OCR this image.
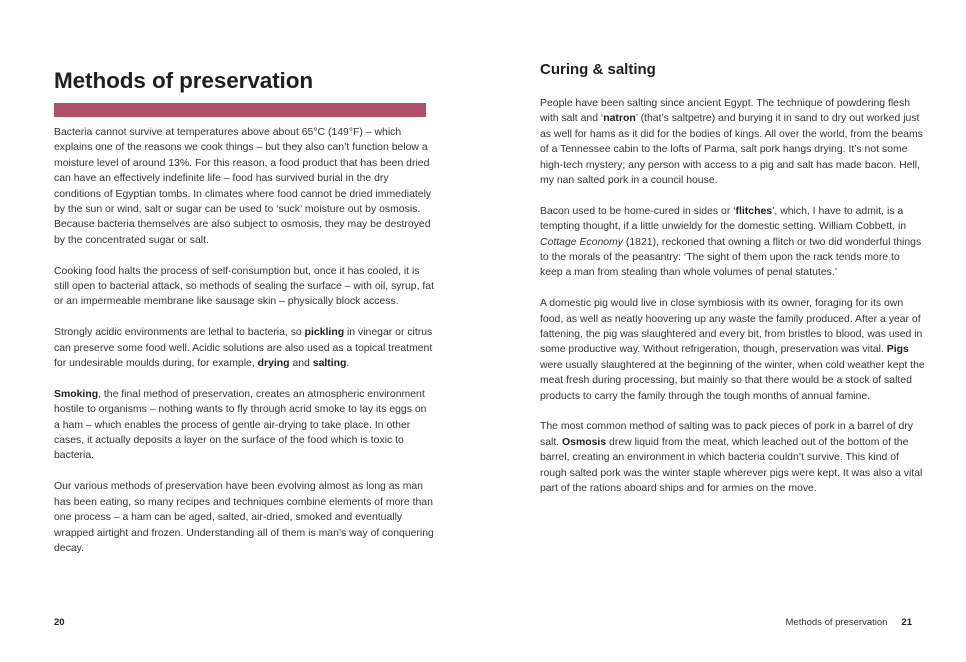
Methods of preservation

Bacteria cannot survive at temperatures above about 65°C (149°F) – which explains one of the reasons we cook things – but they also can’t function below a moisture level of around 13%. For this reason, a food product that has been dried can have an effectively indefinite life – food has survived burial in the dry conditions of Egyptian tombs. In climates where food cannot be dried immediately by the sun or wind, salt or sugar can be used to ‘suck’ moisture out by osmosis. Because bacteria themselves are also subject to osmosis, they may be destroyed by the concentrated sugar or salt.

Cooking food halts the process of self-consumption but, once it has cooled, it is still open to bacterial attack, so methods of sealing the surface – with oil, syrup, fat or an impermeable membrane like sausage skin – physically block access.

Strongly acidic environments are lethal to bacteria, so pickling in vinegar or citrus can preserve some food well. Acidic solutions are also used as a topical treatment for undesirable moulds during, for example, drying and salting.

Smoking, the final method of preservation, creates an atmospheric environment hostile to organisms – nothing wants to fly through acrid smoke to lay its eggs on a ham – which enables the process of gentle air-drying to take place. In other cases, it actually deposits a layer on the surface of the food which is toxic to bacteria.

Our various methods of preservation have been evolving almost as long as man has been eating, so many recipes and techniques combine elements of more than one process – a ham can be aged, salted, air-dried, smoked and eventually wrapped airtight and frozen. Understanding all of them is man’s way of conquering decay.

20
Curing & salting

People have been salting since ancient Egypt. The technique of powdering flesh with salt and ‘natron’ (that’s saltpetre) and burying it in sand to dry out worked just as well for hams as it did for the bodies of kings. All over the world, from the beams of a Tennessee cabin to the lofts of Parma, salt pork hangs drying. It’s not some high-tech mystery; any person with access to a pig and salt has made bacon. Hell, my nan salted pork in a council house.

Bacon used to be home-cured in sides or ‘flitches’, which, I have to admit, is a tempting thought, if a little unwieldy for the domestic setting. William Cobbett, in Cottage Economy (1821), reckoned that owning a flitch or two did wonderful things to the morals of the peasantry: ‘The sight of them upon the rack tends more to keep a man from stealing than whole volumes of penal statutes.’

A domestic pig would live in close symbiosis with its owner, foraging for its own food, as well as neatly hoovering up any waste the family produced. After a year of fattening, the pig was slaughtered and every bit, from bristles to blood, was used in some productive way. Without refrigeration, though, preservation was vital. Pigs were usually slaughtered at the beginning of the winter, when cold weather kept the meat fresh during processing, but mainly so that there would be a stock of salted products to carry the family through the tough months of annual famine.

The most common method of salting was to pack pieces of pork in a barrel of dry salt. Osmosis drew liquid from the meat, which leached out of the bottom of the barrel, creating an environment in which bacteria couldn’t survive. This kind of rough salted pork was the winter staple wherever pigs were kept. It was also a vital part of the rations aboard ships and for armies on the move.

Methods of preservation 21
